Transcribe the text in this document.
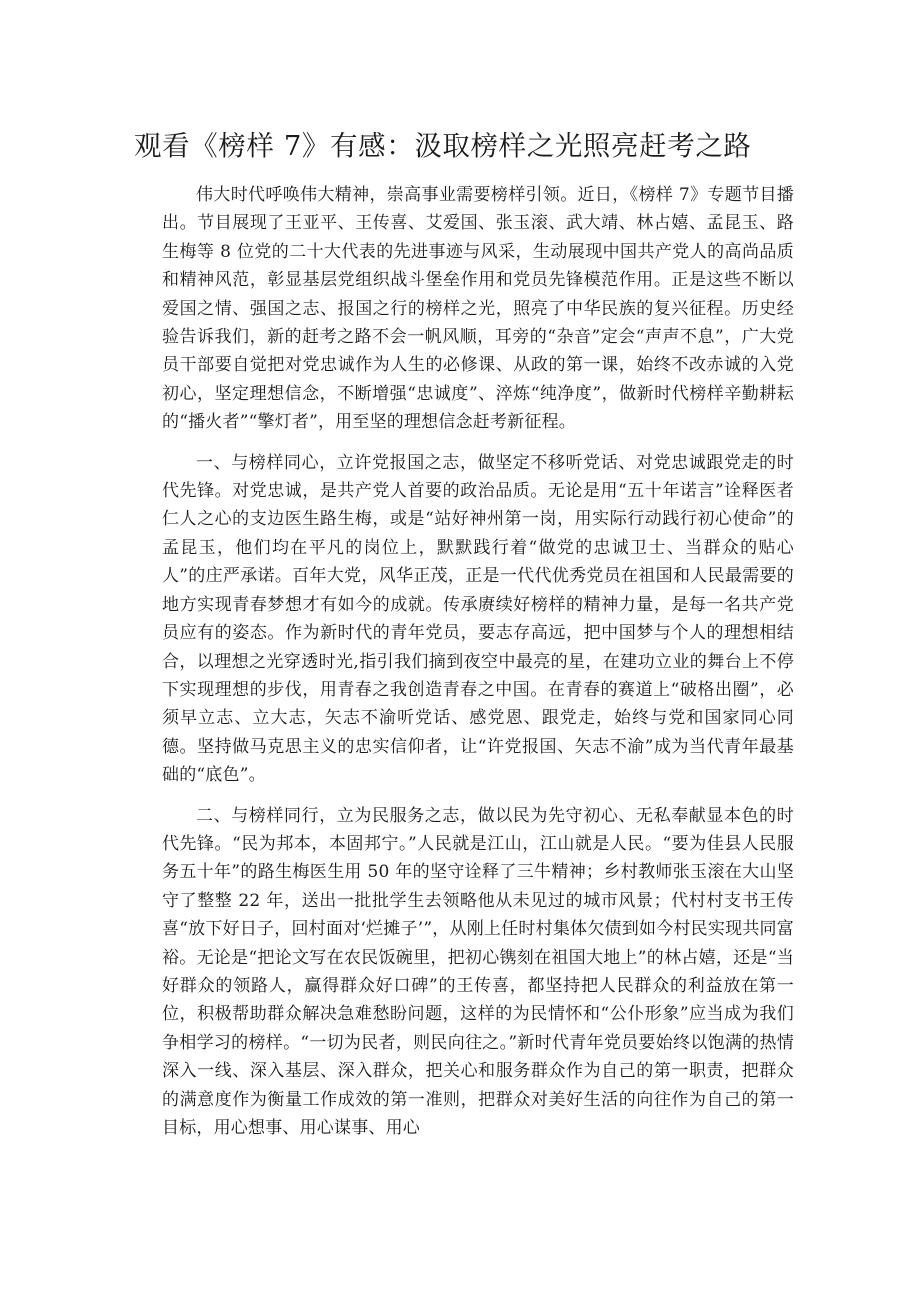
观看《榜样 7》有感：汲取榜样之光照亮赶考之路

伟大时代呼唤伟大精神，崇高事业需要榜样引领。近日，《榜样 7》专题节目播出。节目展现了王亚平、王传喜、艾爱国、张玉滚、武大靖、林占嬉、孟昆玉、路生梅等 8 位党的二十大代表的先进事迹与风采，生动展现中国共产党人的高尚品质和精神风范，彰显基层党组织战斗堡垒作用和党员先锋模范作用。正是这些不断以爱国之情、强国之志、报国之行的榜样之光，照亮了中华民族的复兴征程。历史经验告诉我们，新的赶考之路不会一帆风顺，耳旁的“杂音”定会“声声不息”，广大党员干部要自觉把对党忠诚作为人生的必修课、从政的第一课，始终不改赤诚的入党初心，坚定理想信念，不断增强“忠诚度”、淬炼“纯净度”，做新时代榜样辛勤耕耘的“播火者”“擎灯者”，用至坚的理想信念赶考新征程。

一、与榜样同心，立许党报国之志，做坚定不移听党话、对党忠诚跟党走的时代先锋。对党忠诚，是共产党人首要的政治品质。无论是用“五十年诺言”诠释医者仁人之心的支边医生路生梅，或是“站好神州第一岗，用实际行动践行初心使命”的孟昆玉，他们均在平凡的岗位上，默默践行着“做党的忠诚卫士、当群众的贴心人”的庄严承诺。百年大党，风华正茂，正是一代代优秀党员在祖国和人民最需要的地方实现青春梦想才有如今的成就。传承赓续好榜样的精神力量，是每一名共产党员应有的姿态。作为新时代的青年党员，要志存高远，把中国梦与个人的理想相结合，以理想之光穿透时光,指引我们摘到夜空中最亮的星，在建功立业的舞台上不停下实现理想的步伐，用青春之我创造青春之中国。在青春的赛道上“破格出圈”，必须早立志、立大志，矢志不渝听党话、感党恩、跟党走，始终与党和国家同心同德。坚持做马克思主义的忠实信仰者，让“许党报国、矢志不渝”成为当代青年最基础的“底色”。

二、与榜样同行，立为民服务之志，做以民为先守初心、无私奉献显本色的时代先锋。“民为邦本，本固邦宁。”人民就是江山，江山就是人民。“要为佳县人民服务五十年”的路生梅医生用 50 年的坚守诠释了三牛精神；乡村教师张玉滚在大山坚守了整整 22 年，送出一批批学生去领略他从未见过的城市风景；代村村支书王传喜“放下好日子，回村面对‘烂摊子’”，从刚上任时村集体欠债到如今村民实现共同富裕。无论是“把论文写在农民饭碗里，把初心镌刻在祖国大地上”的林占嬉，还是“当好群众的领路人，赢得群众好口碑”的王传喜，都坚持把人民群众的利益放在第一位，积极帮助群众解决急难愁盼问题，这样的为民情怀和“公仆形象”应当成为我们争相学习的榜样。“一切为民者，则民向往之。”新时代青年党员要始终以饱满的热情深入一线、深入基层、深入群众，把关心和服务群众作为自己的第一职责，把群众的满意度作为衡量工作成效的第一准则，把群众对美好生活的向往作为自己的第一目标，用心想事、用心谋事、用心
